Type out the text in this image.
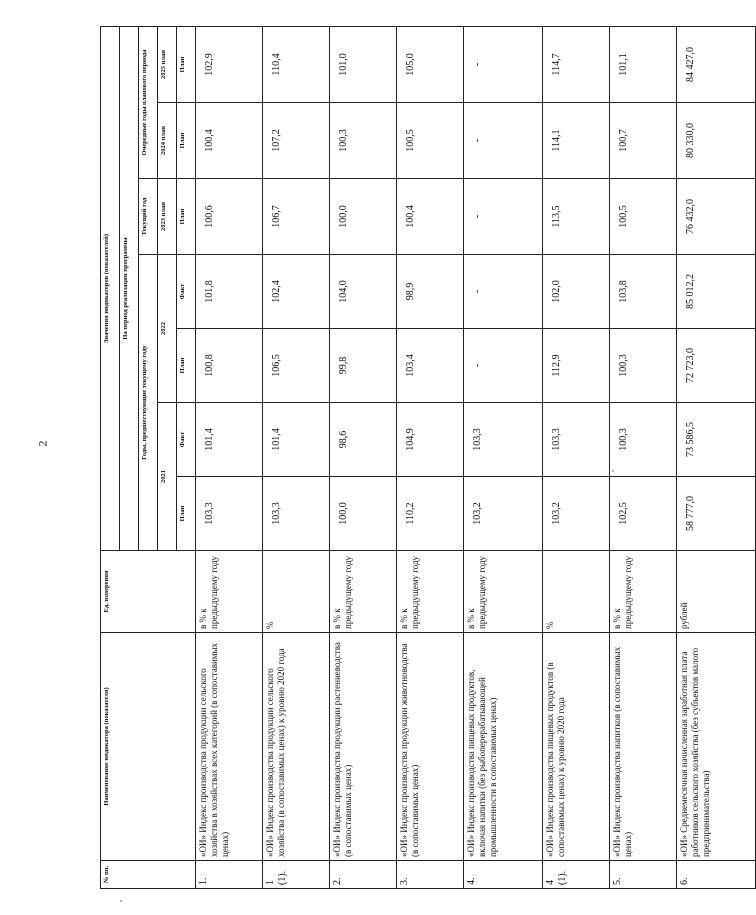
2
№ пп.	Наименование индикатора (показателя)	Ед. измерения	Значения индикаторов (показателей)						
			На период реализации программы						
			Годы, предшествующие текущему году				Текущий год	Очередные годы планового периода	
			2021		2022		2023 план	2024 план	2025 план
			План	Факт	План	Факт	План	План	План
1.	«ОИ» Индекс производства продукции сельского хозяйства в хозяйствах всех категорий (в сопоставимых ценах)	в % к предыдущему году	103,3	101,4	100,8	101,8	100,6	100,4	102,9
1 (1).	«ОИ» Индекс производства продукции сельского хозяйства (в сопоставимых ценах) к уровню 2020 года	%	103,3	101,4	106,5	102,4	106,7	107,2	110,4
2.	«ОИ» Индекс производства продукции растениеводства (в сопоставимых ценах)	в % к предыдущему году	100,0	98,6	99,8	104,0	100,0	100,3	101,0
3.	«ОИ» Индекс производства продукции животноводства (в сопоставимых ценах)	в % к предыдущему году	110,2	104,9	103,4	98,9	100,4	100,5	105,0
4.	«ОИ» Индекс производства пищевых продуктов, включая напитки (без рыбоперерабатывающей промышленности в сопоставимых ценах)	в % к предыдущему году	103,2	103,3	-	-	-	-	-
4 (1).	«ОИ» Индекс производства пищевых продуктов (в сопоставимых ценах) к уровню 2020 года	%	103,2	103,3	112,9	102,0	113,5	114,1	114,7
5.	«ОИ» Индекс производства напитков (в сопоставимых ценах)	в % к предыдущему году	102,5	100,3	100,3	103,8	100,5	100,7	101,1
6.	«ОИ» Среднемесячная начисленная заработная плата работников сельского хозяйства (без субъектов малого предпринимательства)	рублей	58 777,0	73 586,5	72 723,0	85 012,2	76 432,0	80 330,0	84 427,0
